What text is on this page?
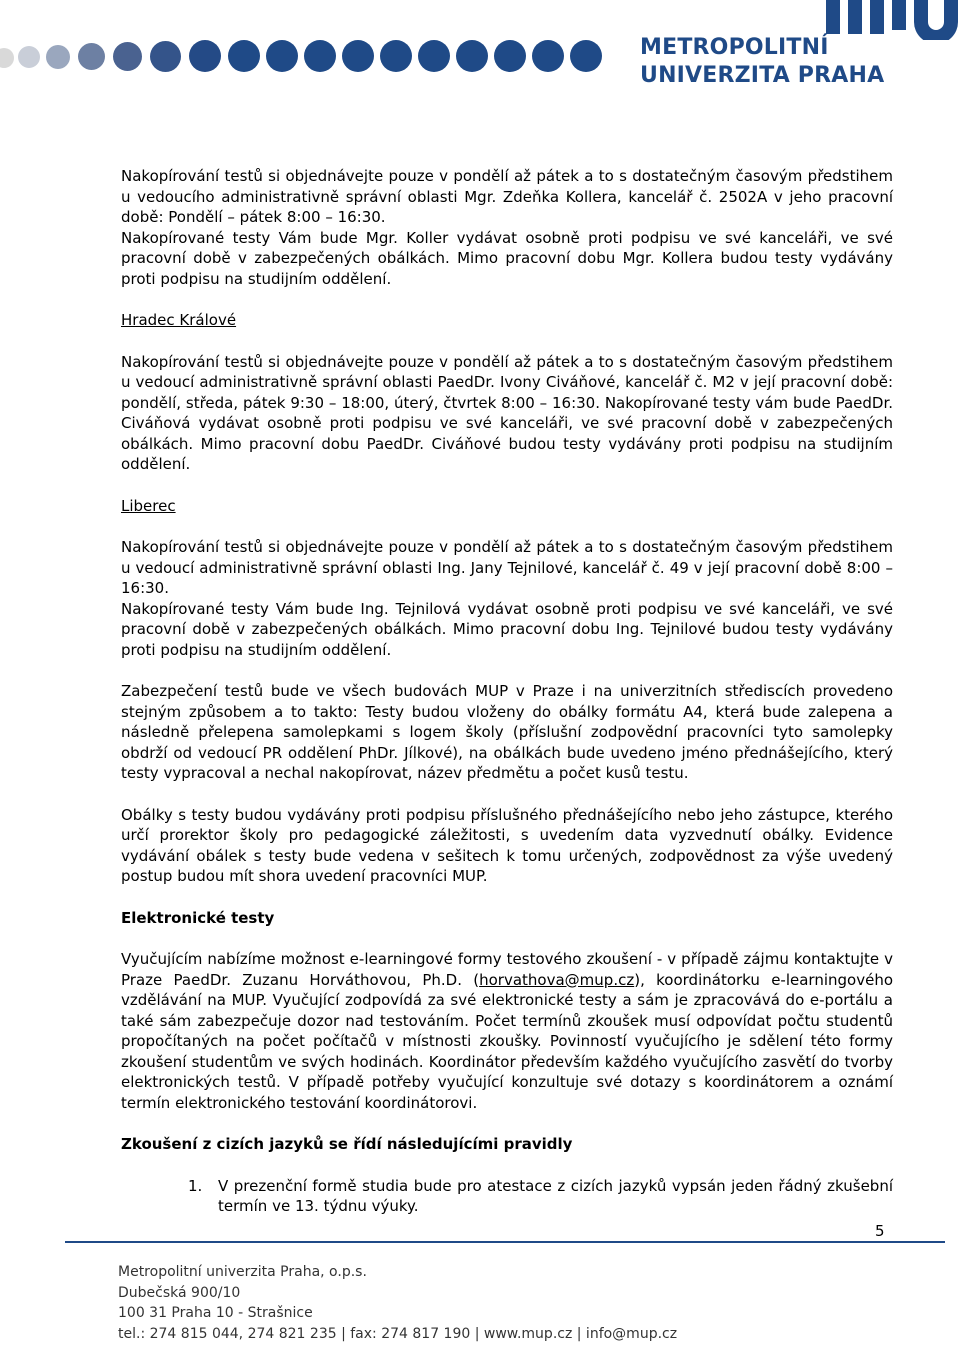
METROPOLITNÍ
UNIVERZITA PRAHA

Nakopírování testů si objednávejte pouze v pondělí až pátek a to s dostatečným časovým předstihem u vedoucího administrativně správní oblasti Mgr. Zdeňka Kollera, kancelář č. 2502A v jeho pracovní době: Pondělí – pátek 8:00 – 16:30.

Nakopírované testy Vám bude Mgr. Koller vydávat osobně proti podpisu ve své kanceláři, ve své pracovní době v zabezpečených obálkách. Mimo pracovní dobu Mgr. Kollera budou testy vydávány proti podpisu na studijním oddělení.

Hradec Králové

Nakopírování testů si objednávejte pouze v pondělí až pátek a to s dostatečným časovým předstihem u vedoucí administrativně správní oblasti PaedDr. Ivony Civáňové, kancelář č. M2 v její pracovní době: pondělí, středa, pátek 9:30 – 18:00, úterý, čtvrtek 8:00 – 16:30. Nakopírované testy vám bude PaedDr. Civáňová vydávat osobně proti podpisu ve své kanceláři, ve své pracovní době v zabezpečených obálkách. Mimo pracovní dobu PaedDr. Civáňové budou testy vydávány proti podpisu na studijním oddělení.

Liberec

Nakopírování testů si objednávejte pouze v pondělí až pátek a to s dostatečným časovým předstihem u vedoucí administrativně správní oblasti Ing. Jany Tejnilové, kancelář č. 49 v její pracovní době 8:00 – 16:30.

Nakopírované testy Vám bude Ing. Tejnilová vydávat osobně proti podpisu ve své kanceláři, ve své pracovní době v zabezpečených obálkách. Mimo pracovní dobu Ing. Tejnilové budou testy vydávány proti podpisu na studijním oddělení.

Zabezpečení testů bude ve všech budovách MUP v Praze i na univerzitních střediscích provedeno stejným způsobem a to takto: Testy budou vloženy do obálky formátu A4, která bude zalepena a následně přelepena samolepkami s logem školy (příslušní zodpovědní pracovníci tyto samolepky obdrží od vedoucí PR oddělení PhDr. Jílkové), na obálkách bude uvedeno jméno přednášejícího, který testy vypracoval a nechal nakopírovat, název předmětu a počet kusů testu.

Obálky s testy budou vydávány proti podpisu příslušného přednášejícího nebo jeho zástupce, kterého určí prorektor školy pro pedagogické záležitosti, s uvedením data vyzvednutí obálky. Evidence vydávání obálek s testy bude vedena v sešitech k tomu určených, zodpovědnost za výše uvedený postup budou mít shora uvedení pracovníci MUP.

Elektronické testy

Vyučujícím nabízíme možnost e-learningové formy testového zkoušení - v případě zájmu kontaktujte v Praze PaedDr. Zuzanu Horváthovou, Ph.D. (horvathova@mup.cz), koordinátorku e-learningového vzdělávání na MUP. Vyučující zodpovídá za své elektronické testy a sám je zpracovává do e-portálu a také sám zabezpečuje dozor nad testováním. Počet termínů zkoušek musí odpovídat počtu studentů propočítaných na počet počítačů v místnosti zkoušky. Povinností vyučujícího je sdělení této formy zkoušení studentům ve svých hodinách. Koordinátor především každého vyučujícího zasvětí do tvorby elektronických testů. V případě potřeby vyučující konzultuje své dotazy s koordinátorem a oznámí termín elektronického testování koordinátorovi.

Zkoušení z cizích jazyků se řídí následujícími pravidly

1. V prezenční formě studia bude pro atestace z cizích jazyků vypsán jeden řádný zkušební termín ve 13. týdnu výuky.

5
Metropolitní univerzita Praha, o.p.s.
Dubečská 900/10
100 31 Praha 10 - Strašnice
tel.: 274 815 044, 274 821 235 | fax: 274 817 190 | www.mup.cz | info@mup.cz
